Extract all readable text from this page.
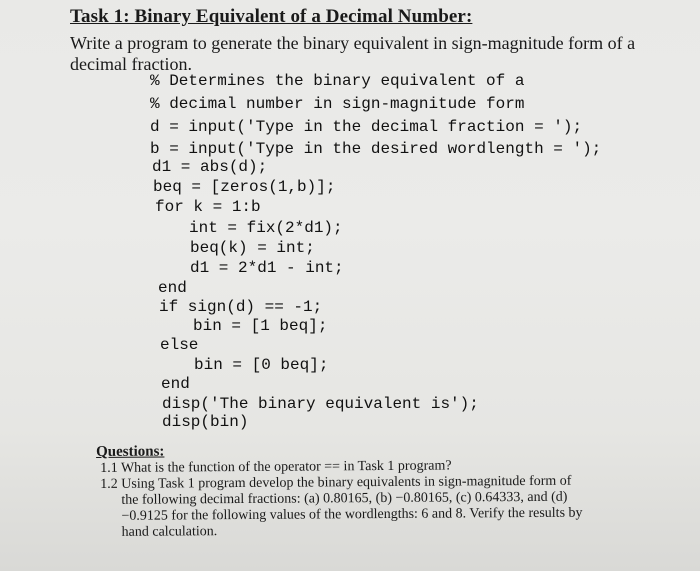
Task 1: Binary Equivalent of a Decimal Number:
Write a program to generate the binary equivalent in sign-magnitude form of a decimal fraction.

% Determines the binary equivalent of a

% decimal number in sign-magnitude form

d = input('Type in the decimal fraction = ');

b = input('Type in the desired wordlength = ');

d1 = abs(d);

beq = [zeros(1,b)];

for k = 1:b

int = fix(2*d1);

beq(k) = int;

d1 = 2*d1 - int;

end

if sign(d) == -1;

bin = [1 beq];

else

bin = [0 beq];

end

disp('The binary equivalent is');

disp(bin)

Questions:
1.1 What is the function of the operator == in Task 1 program?
1.2 Using Task 1 program develop the binary equivalents in sign-magnitude form of
the following decimal fractions: (a) 0.80165, (b) −0.80165, (c) 0.64333, and (d)
−0.9125 for the following values of the wordlengths: 6 and 8. Verify the results by
hand calculation.
